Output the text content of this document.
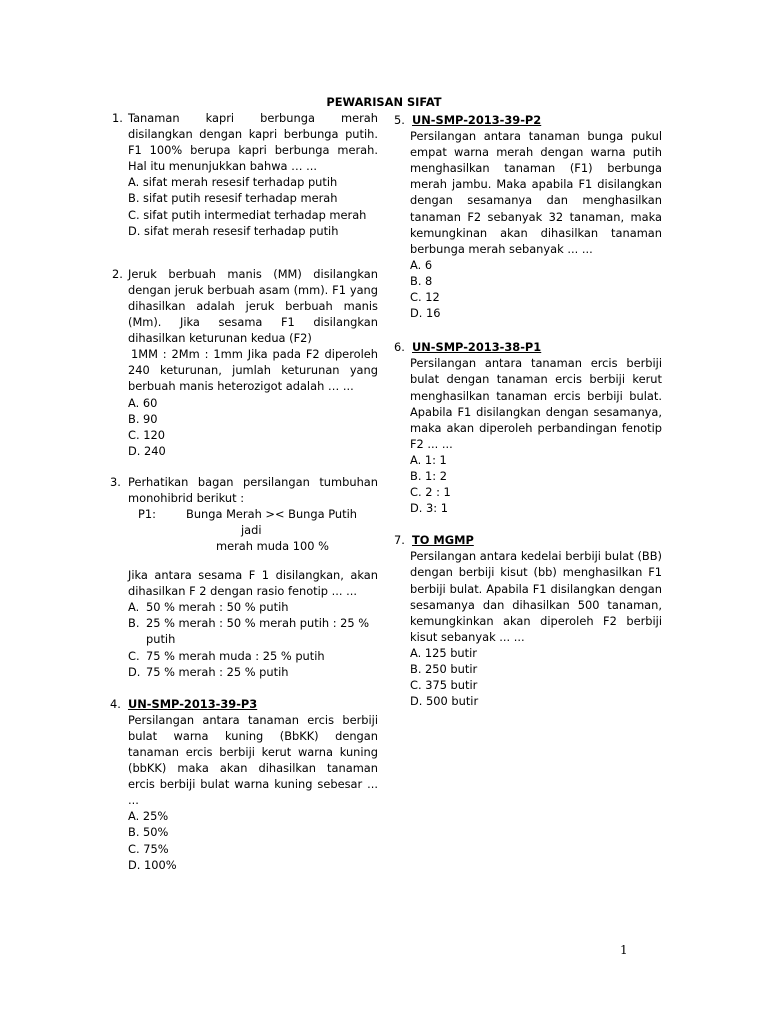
PEWARISAN SIFAT
1. Tanaman kapri berbunga merah disilangkan dengan kapri berbunga putih. F1 100% berupa kapri berbunga merah. Hal itu menunjukkan bahwa … ...
A. sifat merah resesif terhadap putih
B. sifat putih resesif terhadap merah
C. sifat putih intermediat terhadap merah
D. sifat merah resesif terhadap putih
2. Jeruk berbuah manis (MM) disilangkan dengan jeruk berbuah asam (mm). F1 yang dihasilkan adalah jeruk berbuah manis (Mm). Jika sesama F1 disilangkan dihasilkan keturunan kedua (F2)
1MM : 2Mm : 1mm Jika pada F2 diperoleh 240 keturunan, jumlah keturunan yang berbuah manis heterozigot adalah … ...
A. 60
B. 90
C. 120
D. 240
3. Perhatikan bagan persilangan tumbuhan monohibrid berikut :
P1:	Bunga Merah >< Bunga Putih
jadi
merah muda 100 %
Jika antara sesama F 1 disilangkan, akan dihasilkan F 2 dengan rasio fenotip ... ...
A. 50 % merah : 50 % putih
B. 25 % merah : 50 % merah putih : 25 % putih
C. 75 % merah muda : 25 % putih
D. 75 % merah : 25 % putih
4. UN-SMP-2013-39-P3
Persilangan antara tanaman ercis berbiji bulat warna kuning (BbKK) dengan tanaman ercis berbiji kerut warna kuning (bbKK) maka akan dihasilkan tanaman ercis berbiji bulat warna kuning sebesar ... ...
A. 25%
B. 50%
C. 75%
D. 100%
5. UN-SMP-2013-39-P2
Persilangan antara tanaman bunga pukul empat warna merah dengan warna putih menghasilkan tanaman (F1) berbunga merah jambu. Maka apabila F1 disilangkan dengan sesamanya dan menghasilkan tanaman F2 sebanyak 32 tanaman, maka kemungkinan akan dihasilkan tanaman berbunga merah sebanyak ... ...
A. 6
B. 8
C. 12
D. 16
6. UN-SMP-2013-38-P1
Persilangan antara tanaman ercis berbiji bulat dengan tanaman ercis berbiji kerut menghasilkan tanaman ercis berbiji bulat. Apabila F1 disilangkan dengan sesamanya, maka akan diperoleh perbandingan fenotip F2 ... ...
A. 1: 1
B. 1: 2
C. 2 : 1
D. 3: 1
7. TO MGMP
Persilangan antara kedelai berbiji bulat (BB) dengan berbiji kisut (bb) menghasilkan F1 berbiji bulat. Apabila F1 disilangkan dengan sesamanya dan dihasilkan 500 tanaman, kemungkinkan akan diperoleh F2 berbiji kisut sebanyak ... ...
A. 125 butir
B. 250 butir
C. 375 butir
D. 500 butir
1
